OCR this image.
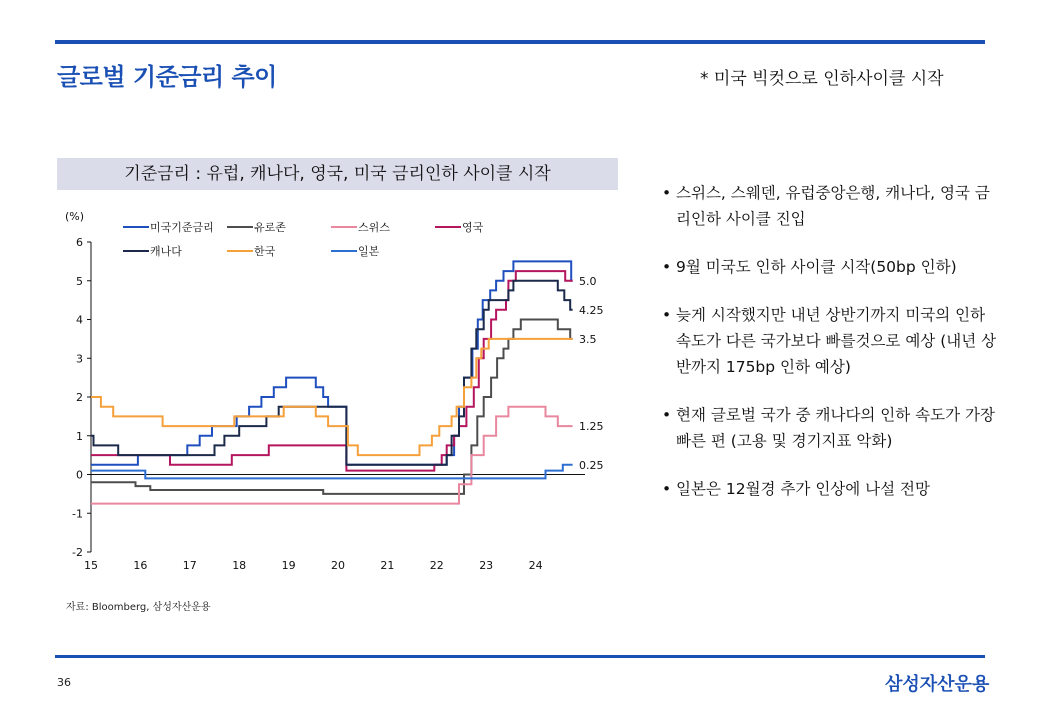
글로벌 기준금리 추이	* 미국 빅컷으로 인하사이클 시작
기준금리 : 유럽, 캐나다, 영국, 미국 금리인하 사이클 시작
(%)
-2
-1
0
1
2
3
4
5
6
15	16	17	18	19	20	21	22	23	24
5.0
4.25
3.5
1.25
0.25
미국기준금리	유로존	스위스	영국
캐나다	한국	일본
자료: Bloomberg, 삼성자산운용
• 스위스, 스웨덴, 유럽중앙은행, 캐나다, 영국 금리인하 사이클 진입
• 9월 미국도 인하 사이클 시작(50bp 인하)
• 늦게 시작했지만 내년 상반기까지 미국의 인하 속도가 다른 국가보다 빠를것으로 예상 (내년 상반까지 175bp 인하 예상)
• 현재 글로벌 국가 중 캐나다의 인하 속도가 가장 빠른 편 (고용 및 경기지표 악화)
• 일본은 12월경 추가 인상에 나설 전망
36	삼성자산운용
